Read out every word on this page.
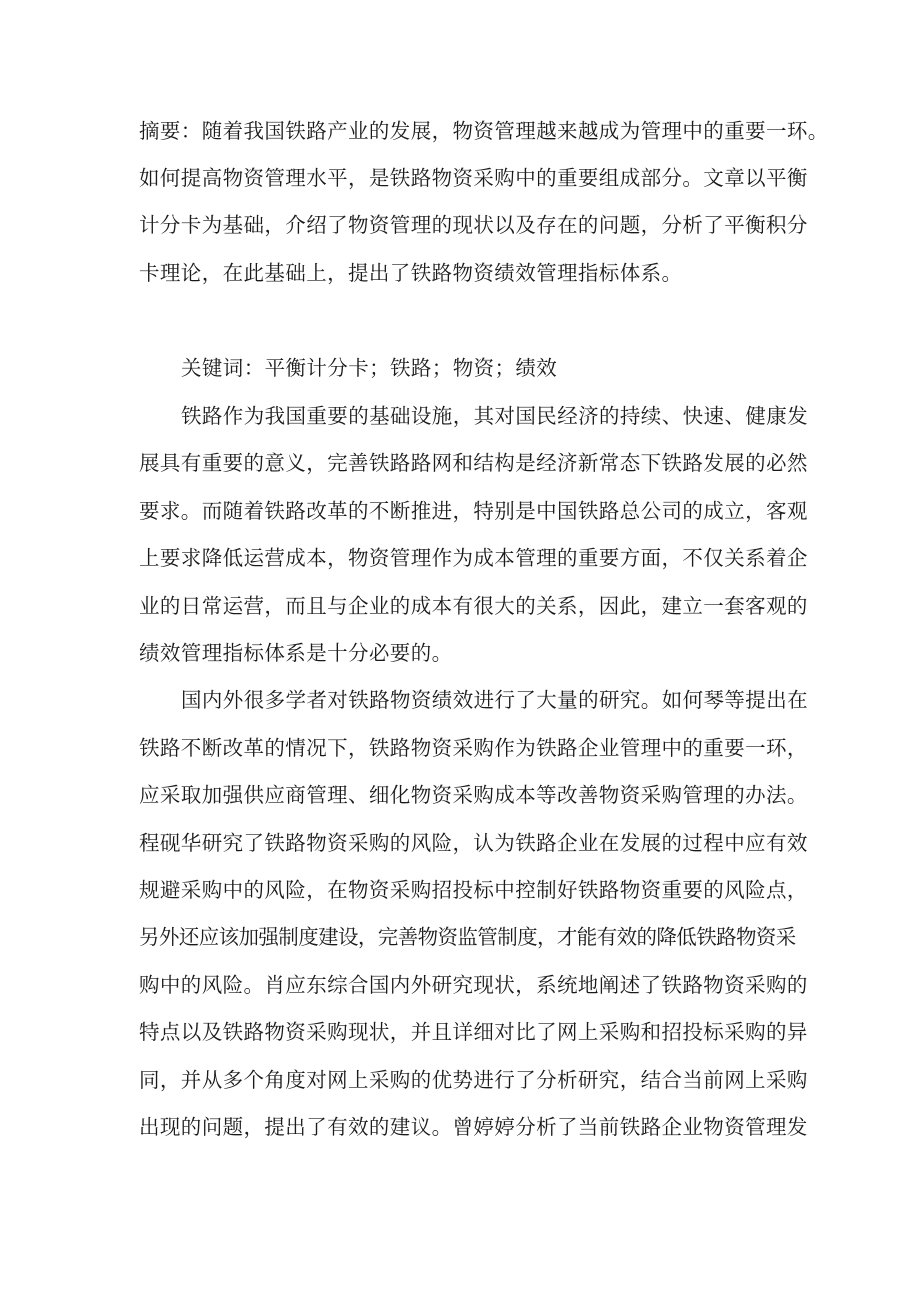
摘要：随着我国铁路产业的发展，物资管理越来越成为管理中的重要一环。
如何提高物资管理水平，是铁路物资采购中的重要组成部分。文章以平衡
计分卡为基础，介绍了物资管理的现状以及存在的问题，分析了平衡积分
卡理论，在此基础上，提出了铁路物资绩效管理指标体系。
关键词：平衡计分卡；铁路；物资；绩效
铁路作为我国重要的基础设施，其对国民经济的持续、快速、健康发
展具有重要的意义，完善铁路路网和结构是经济新常态下铁路发展的必然
要求。而随着铁路改革的不断推进，特别是中国铁路总公司的成立，客观
上要求降低运营成本，物资管理作为成本管理的重要方面，不仅关系着企
业的日常运营，而且与企业的成本有很大的关系，因此，建立一套客观的
绩效管理指标体系是十分必要的。
国内外很多学者对铁路物资绩效进行了大量的研究。如何琴等提出在
铁路不断改革的情况下，铁路物资采购作为铁路企业管理中的重要一环，
应采取加强供应商管理、细化物资采购成本等改善物资采购管理的办法。
程砚华研究了铁路物资采购的风险，认为铁路企业在发展的过程中应有效
规避采购中的风险，在物资采购招投标中控制好铁路物资重要的风险点，
另外还应该加强制度建设，完善物资监管制度，才能有效的降低铁路物资采
购中的风险。肖应东综合国内外研究现状，系统地阐述了铁路物资采购的
特点以及铁路物资采购现状，并且详细对比了网上采购和招投标采购的异
同，并从多个角度对网上采购的优势进行了分析研究，结合当前网上采购
出现的问题，提出了有效的建议。曾婷婷分析了当前铁路企业物资管理发
